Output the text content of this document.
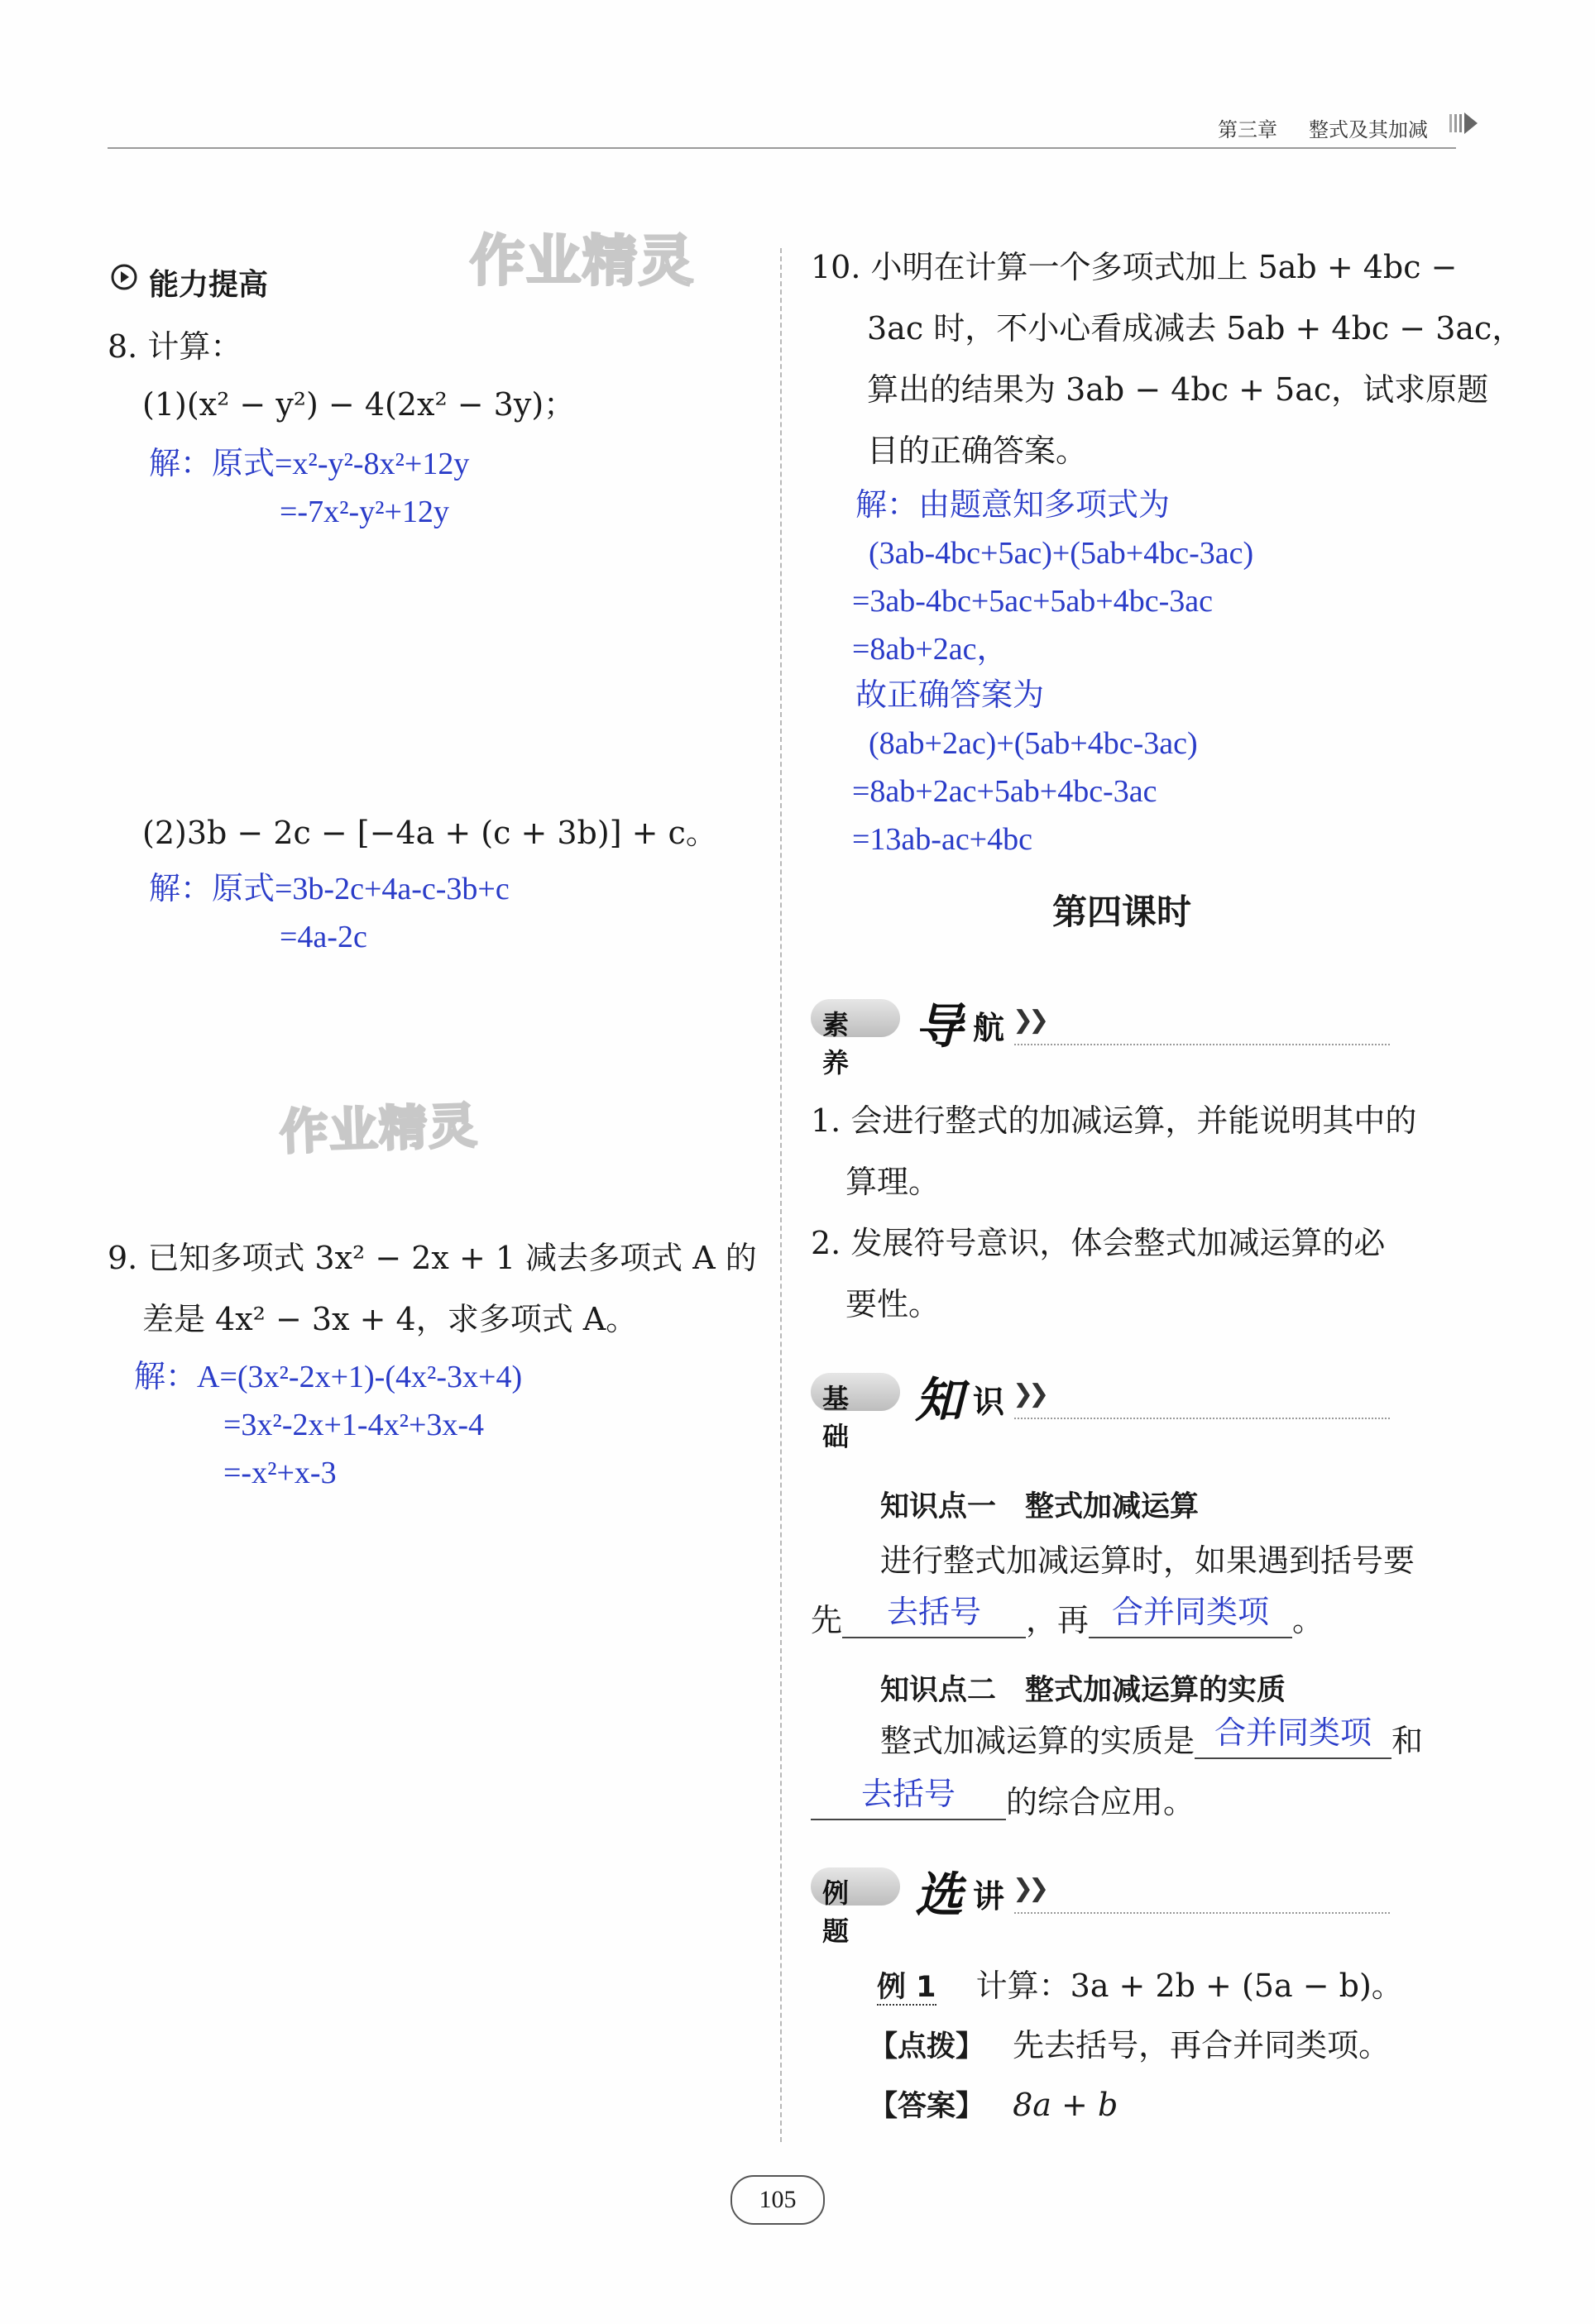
第三章 整式及其加减
作业精灵
作业精灵
能力提高
8. 计算：
(1)(x² − y²) − 4(2x² − 3y)；
解：原式=x²-y²-8x²+12y
=-7x²-y²+12y
(2)3b − 2c − [−4a + (c + 3b)] + c。
解：原式=3b-2c+4a-c-3b+c
=4a-2c
9. 已知多项式 3x² − 2x + 1 减去多项式 A 的
差是 4x² − 3x + 4，求多项式 A。
解：A=(3x²-2x+1)-(4x²-3x+4)
=3x²-2x+1-4x²+3x-4
=-x²+x-3
10. 小明在计算一个多项式加上 5ab + 4bc −
3ac 时，不小心看成减去 5ab + 4bc − 3ac，
算出的结果为 3ab − 4bc + 5ac，试求原题
目的正确答案。
解：由题意知多项式为
(3ab-4bc+5ac)+(5ab+4bc-3ac)
=3ab-4bc+5ac+5ab+4bc-3ac
=8ab+2ac，
故正确答案为
(8ab+2ac)+(5ab+4bc-3ac)
=8ab+2ac+5ab+4bc-3ac
=13ab-ac+4bc
第四课时
素养
导 航 ❯❯
1. 会进行整式的加减运算，并能说明其中的
算理。
2. 发展符号意识，体会整式加减运算的必
要性。
基础
知 识 ❯❯
知识点一　整式加减运算
进行整式加减运算时，如果遇到括号要
先 去括号 ，再 合并同类项 。
知识点二　整式加减运算的实质
整式加减运算的实质是 合并同类项 和
去括号 的综合应用。
例题
选 讲 ❯❯
例 1 计算：3a + 2b + (5a − b)。
【点拨】 先去括号，再合并同类项。
【答案】 8a + b
105
